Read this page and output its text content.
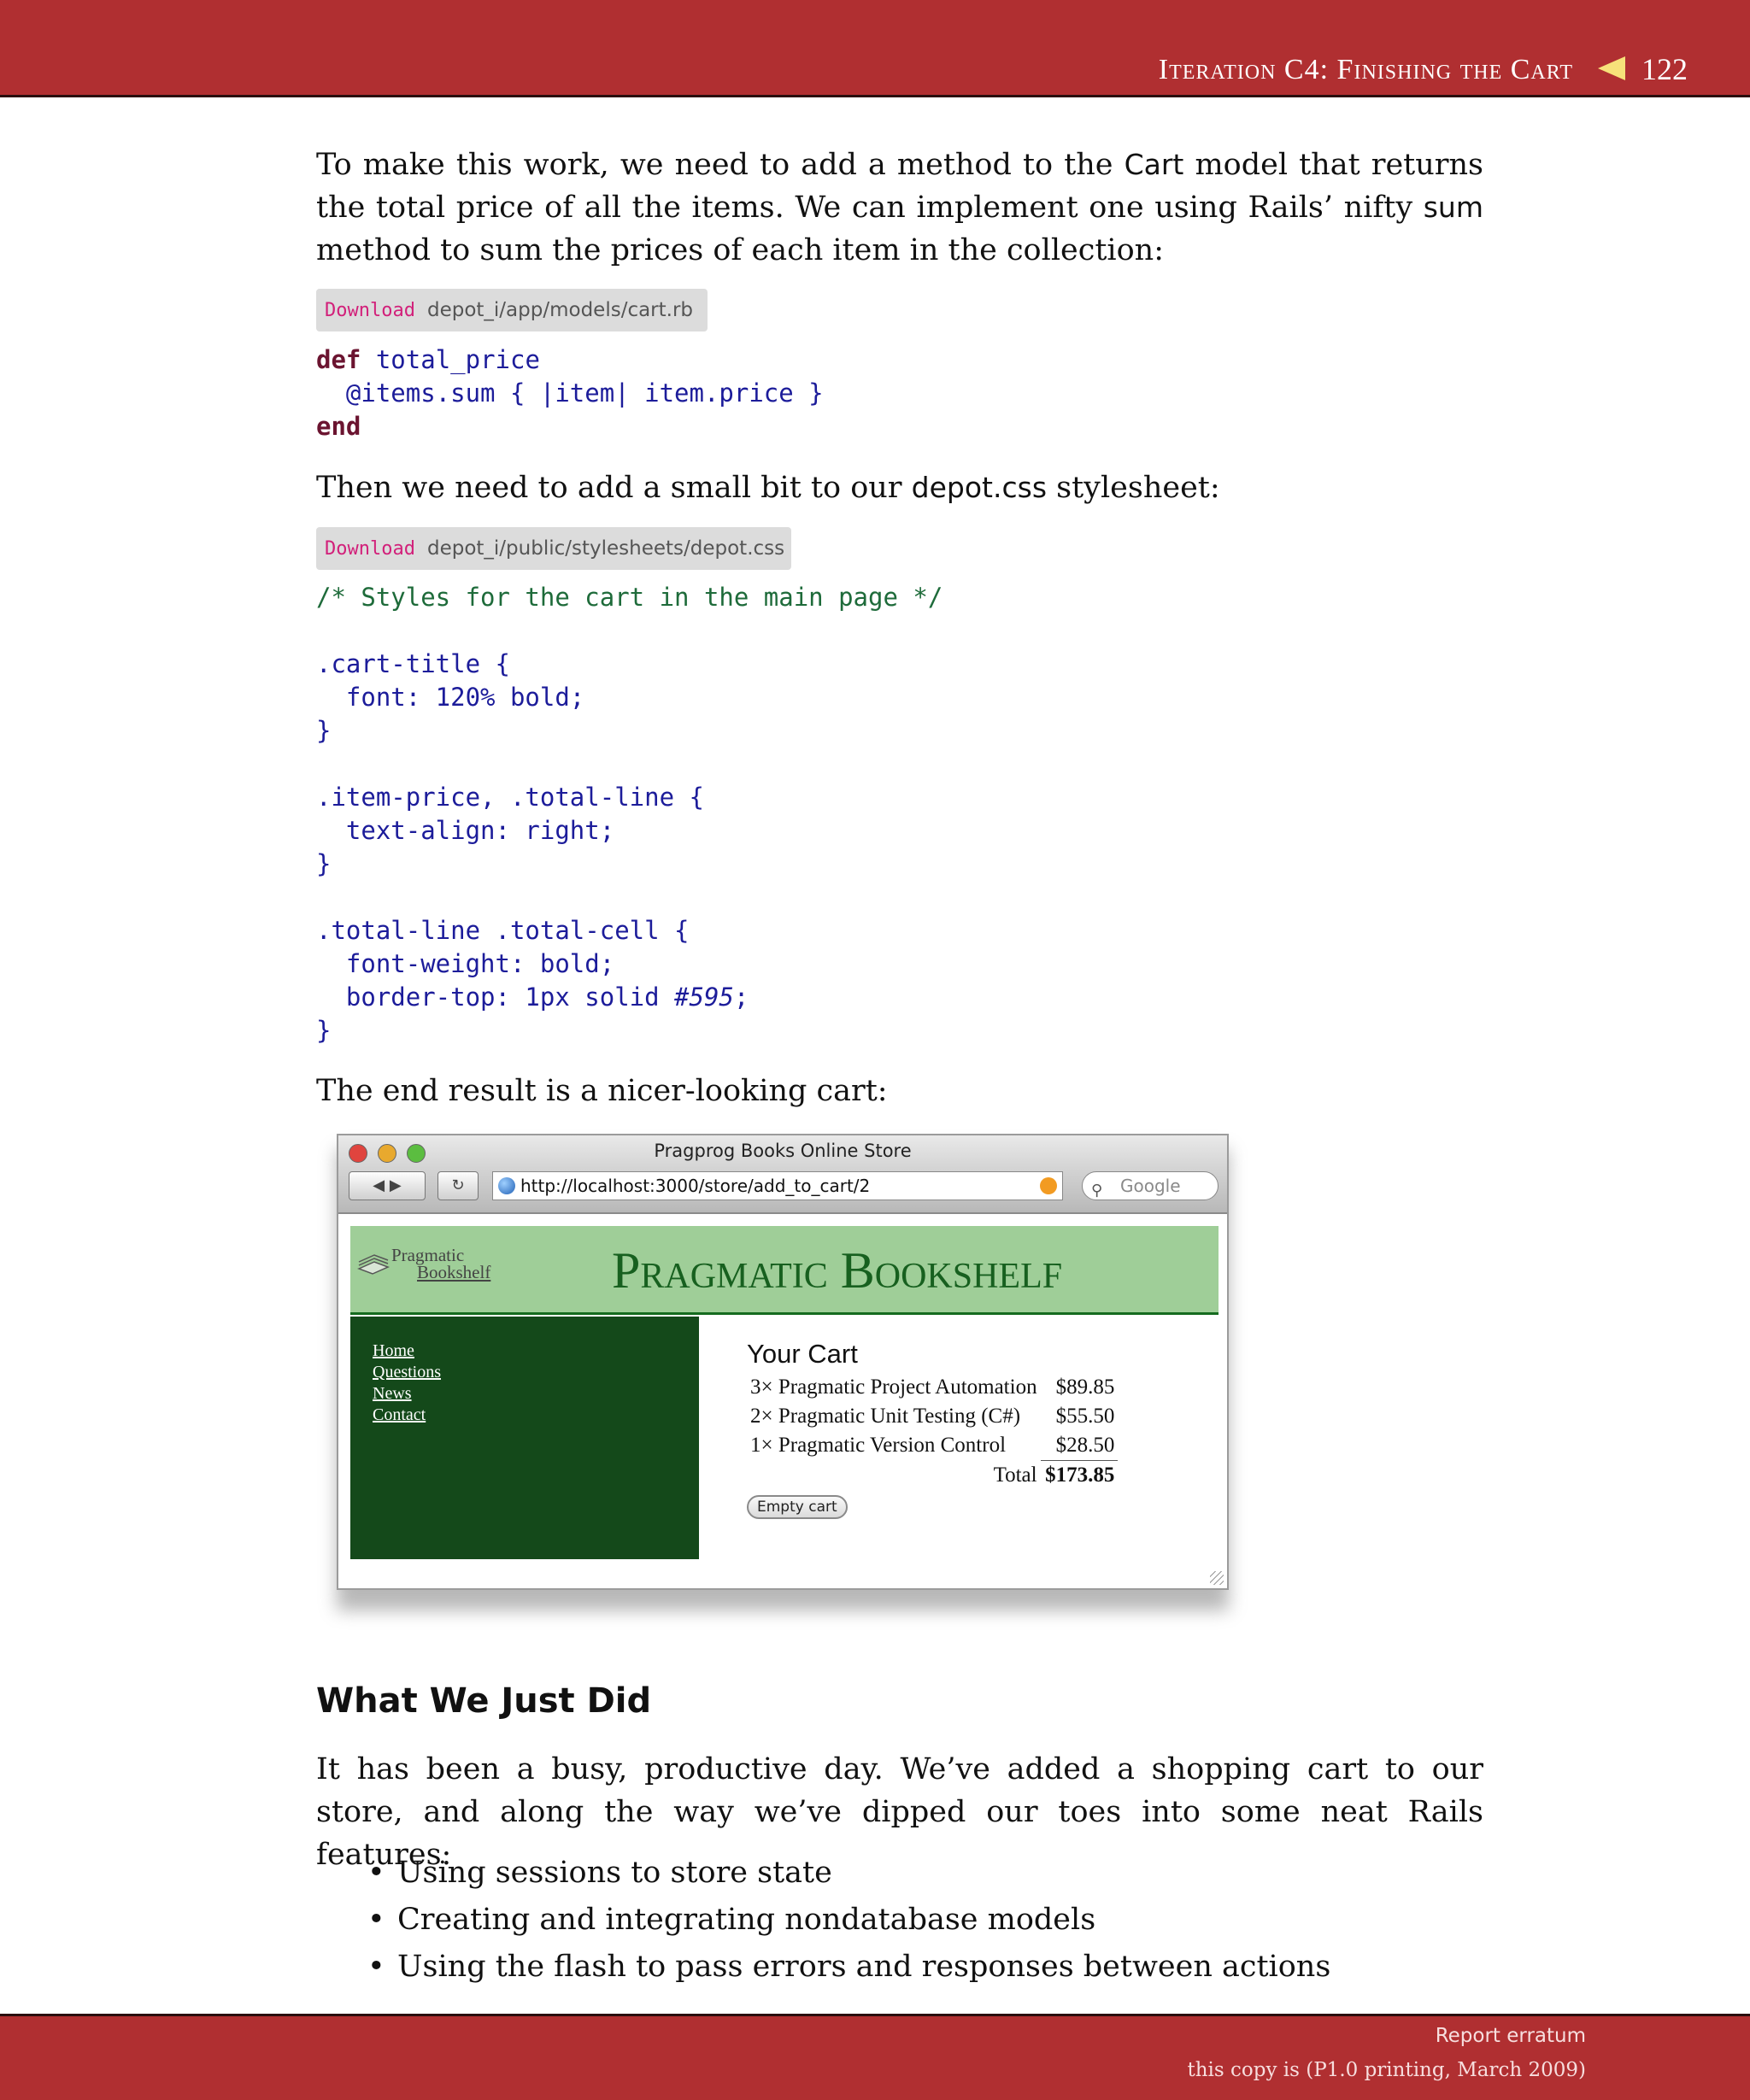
Iteration C4: Finishing the Cart 122

To make this work, we need to add a method to the Cart model that returns the total price of all the items. We can implement one using Rails’ nifty sum method to sum the prices of each item in the collection:

Download depot_i/app/models/cart.rb
def total_price
@items.sum { |item| item.price }
end

Then we need to add a small bit to our depot.css stylesheet:

Download depot_i/public/stylesheets/depot.css
/* Styles for the cart in the main page */

.cart-title {
font: 120% bold;
}

.item-price, .total-line {
text-align: right;
}

.total-line .total-cell {
font-weight: bold;
border-top: 1px solid #595;
}

The end result is a nicer-looking cart:

What We Just Did

It has been a busy, productive day. We’ve added a shopping cart to our store, and along the way we’ve dipped our toes into some neat Rails features:

• Using sessions to store state
• Creating and integrating nondatabase models
• Using the flash to pass errors and responses between actions
Pragprog Books Online Store
◀ ▶	↻	http://localhost:3000/store/add_to_cart/2	⚲ Google
Pragmatic
Bookshelf Pragmatic Bookshelf
Home
Questions
News
Contact
Your Cart
3× Pragmatic Project Automation	$89.85
2× Pragmatic Unit Testing (C#)	$55.50
1× Pragmatic Version Control	$28.50
Total	$173.85
Empty cart
Report erratum
this copy is (P1.0 printing, March 2009)
